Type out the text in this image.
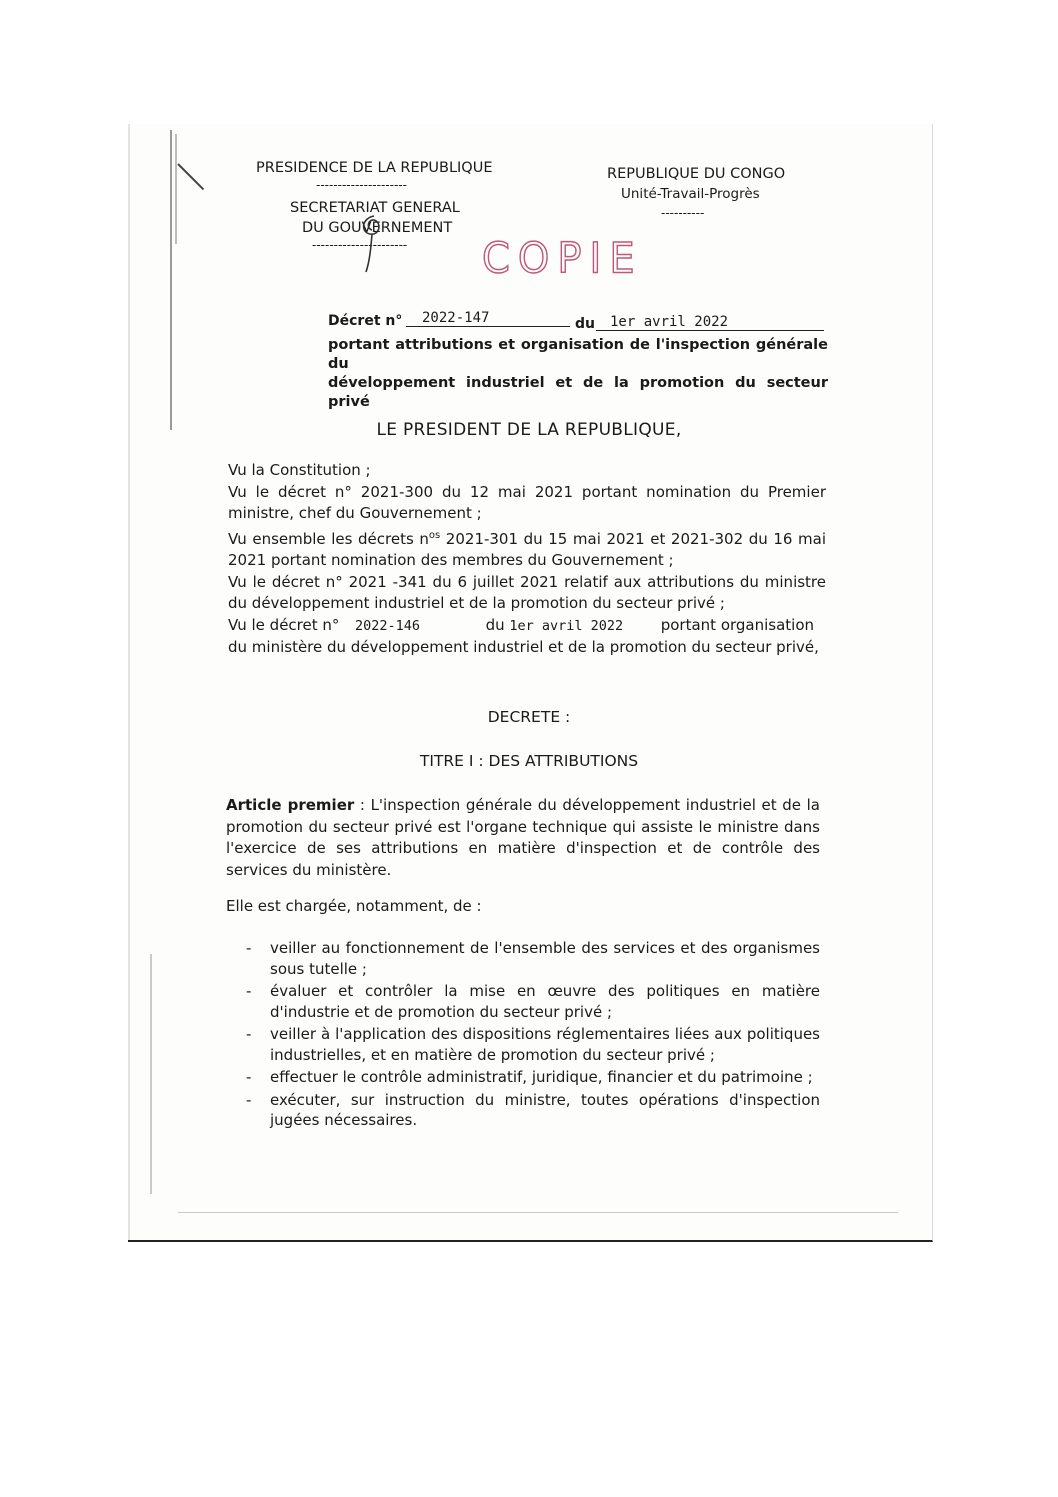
PRESIDENCE DE LA REPUBLIQUE
---------------------
SECRETARIAT GENERAL
DU GOUVERNEMENT
----------------------
REPUBLIQUE DU CONGO
Unité-Travail-Progrès
----------
COPIE
Décret n°	2022-147	du	1er avril 2022
portant attributions et organisation de l'inspection générale du

développement industriel et de la promotion du secteur privé
LE PRESIDENT DE LA REPUBLIQUE,

Vu la Constitution ;

Vu le décret n° 2021-300 du 12 mai 2021 portant nomination du Premier ministre, chef du Gouvernement ;

Vu ensemble les décrets $n^{os}$ 2021-301 du 15 mai 2021 et 2021-302 du 16 mai 2021 portant nomination des membres du Gouvernement ;

Vu le décret n° 2021 -341 du 6 juillet 2021 relatif aux attributions du ministre du développement industriel et de la promotion du secteur privé ;

Vu le décret n° 2022-146	du 1er avril 2022	portant organisation

du ministère du développement industriel et de la promotion du secteur privé,

DECRETE :
TITRE I : DES ATTRIBUTIONS
Article premier : L'inspection générale du développement industriel et de la promotion du secteur privé est l'organe technique qui assiste le ministre dans l'exercice de ses attributions en matière d'inspection et de contrôle des services du ministère.
Elle est chargée, notamment, de :
- veiller au fonctionnement de l'ensemble des services et des organismes sous tutelle ;
- évaluer et contrôler la mise en œuvre des politiques en matière d'industrie et de promotion du secteur privé ;
- veiller à l'application des dispositions réglementaires liées aux politiques industrielles, et en matière de promotion du secteur privé ;
- effectuer le contrôle administratif, juridique, financier et du patrimoine ;
- exécuter, sur instruction du ministre, toutes opérations d'inspection jugées nécessaires.
